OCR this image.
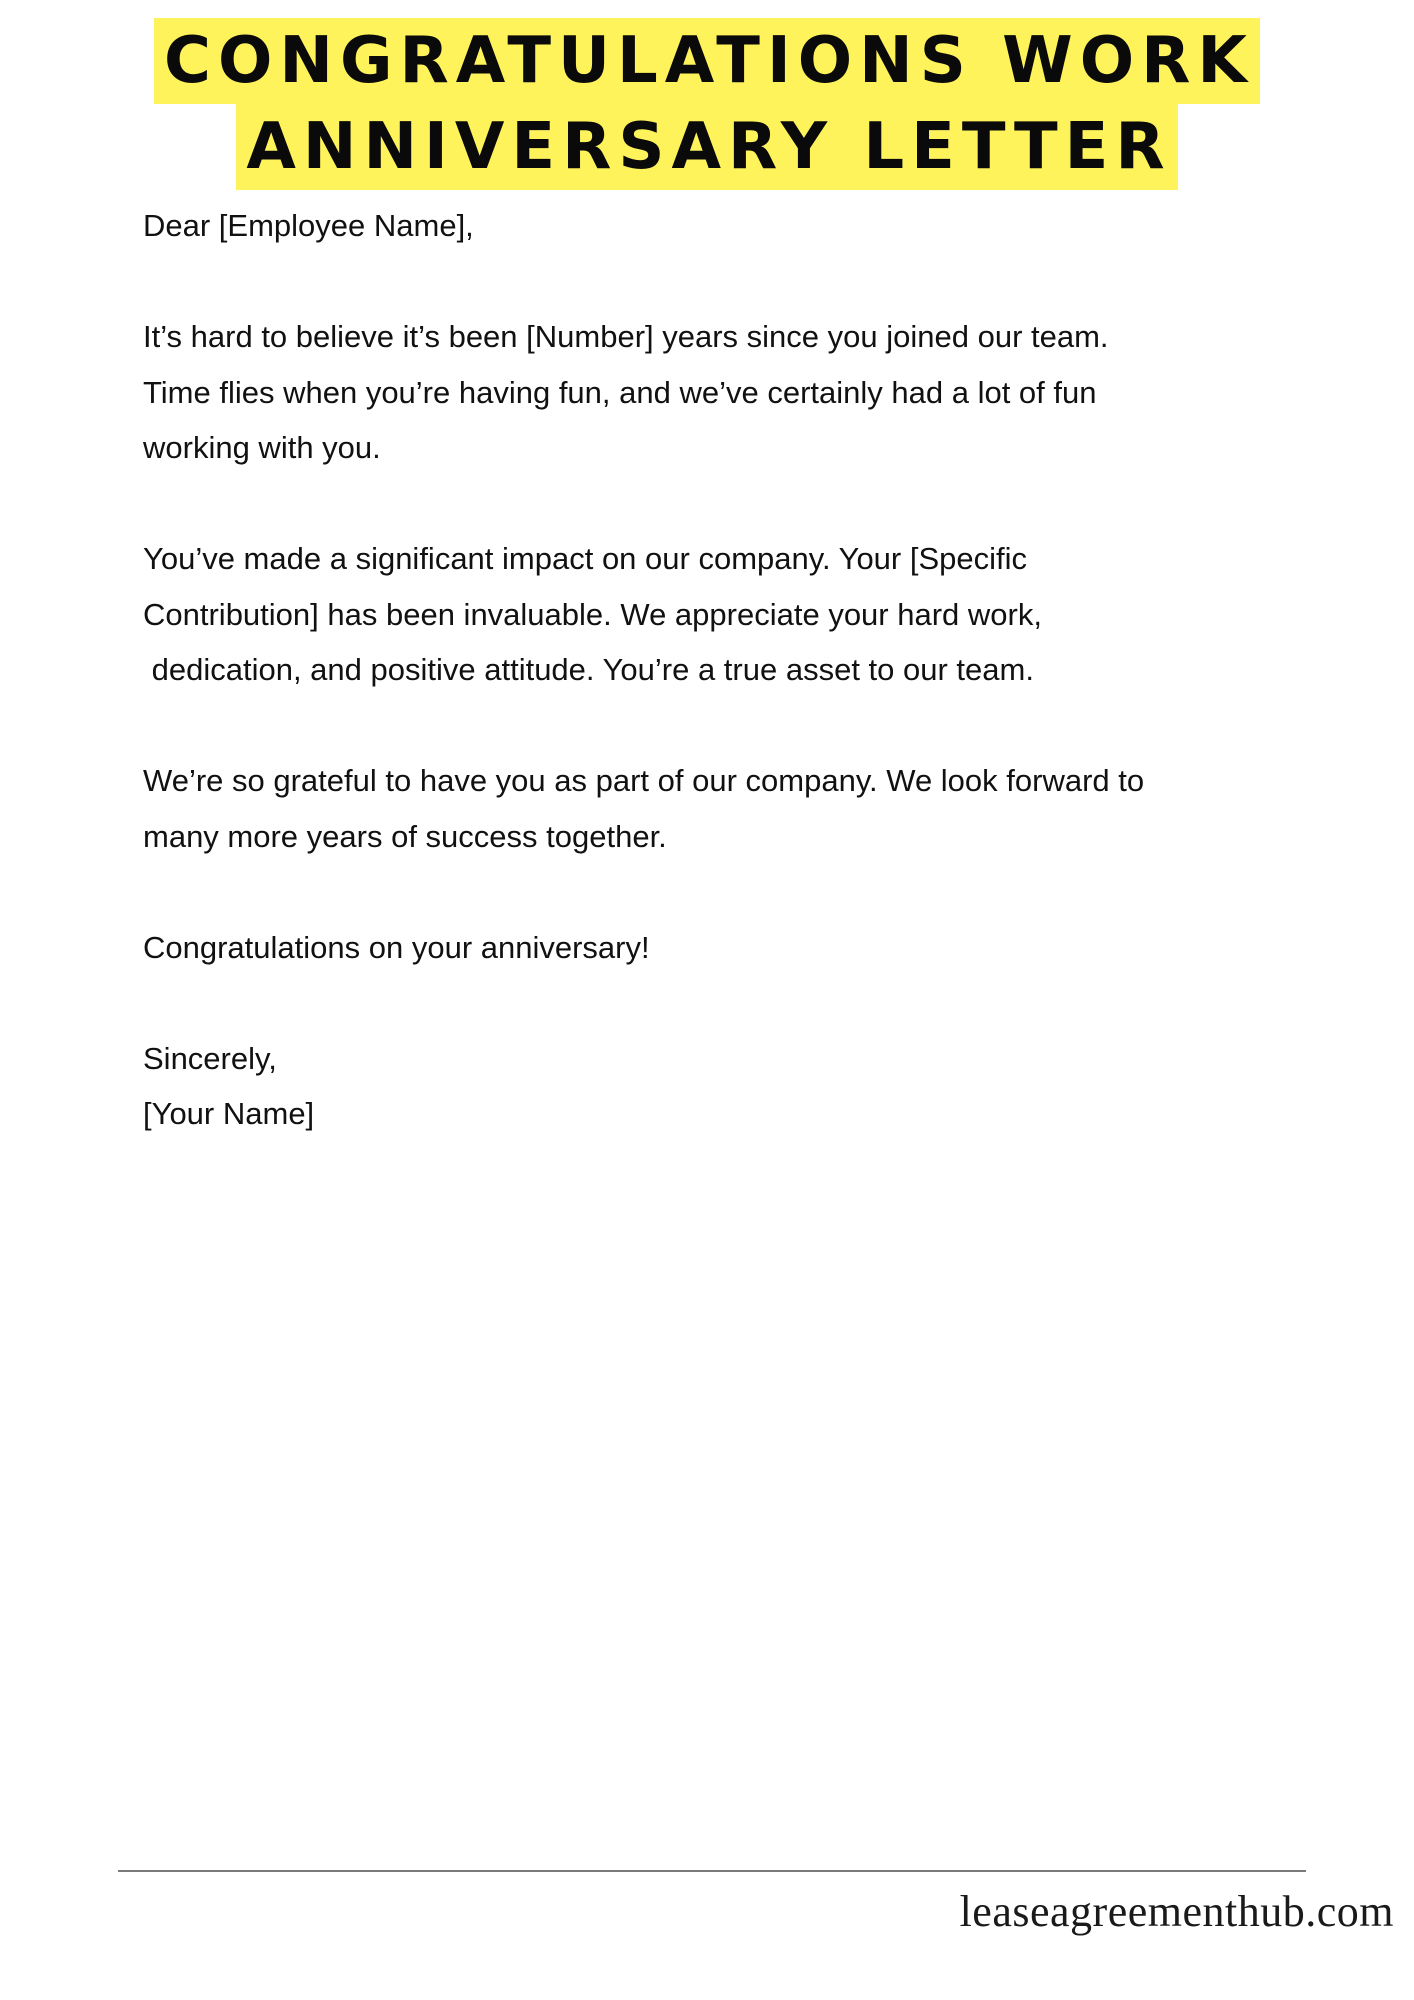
CONGRATULATIONS WORK
ANNIVERSARY LETTER

Dear [Employee Name],

It’s hard to believe it’s been [Number] years since you joined our team.
Time flies when you’re having fun, and we’ve certainly had a lot of fun
working with you.

You’ve made a significant impact on our company. Your [Specific
Contribution] has been invaluable. We appreciate your hard work,
dedication, and positive attitude. You’re a true asset to our team.

We’re so grateful to have you as part of our company. We look forward to
many more years of success together.

Congratulations on your anniversary!

Sincerely,
[Your Name]

leaseagreementhub.com
